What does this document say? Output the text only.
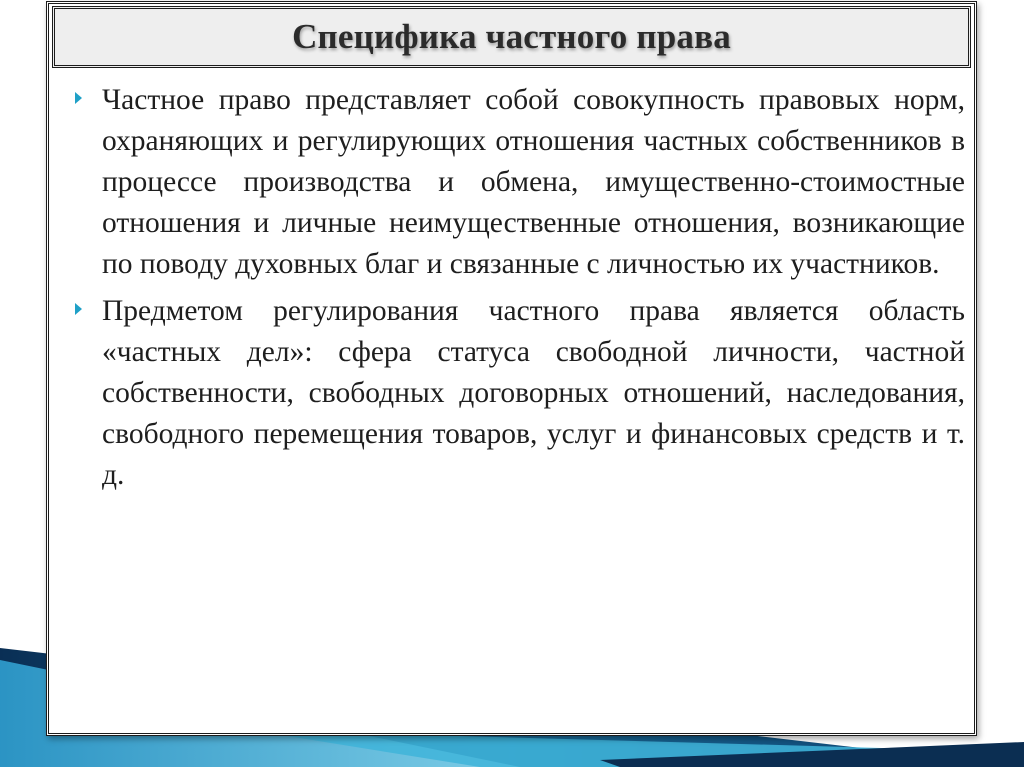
Специфика частного права

Частное право представляет собой совокупность правовых норм, охраняющих и регулирующих отношения частных собственников в процессе производства и обмена, имущественно-стоимостные отношения и личные неимущественные отношения, возникающие по поводу духовных благ и связанные с личностью их участников.

Предметом регулирования частного права является область «частных дел»: сфера статуса свободной личности, частной собственности, свободных договорных отношений, наследования, свободного перемещения товаров, услуг и финансовых средств и т. д.
